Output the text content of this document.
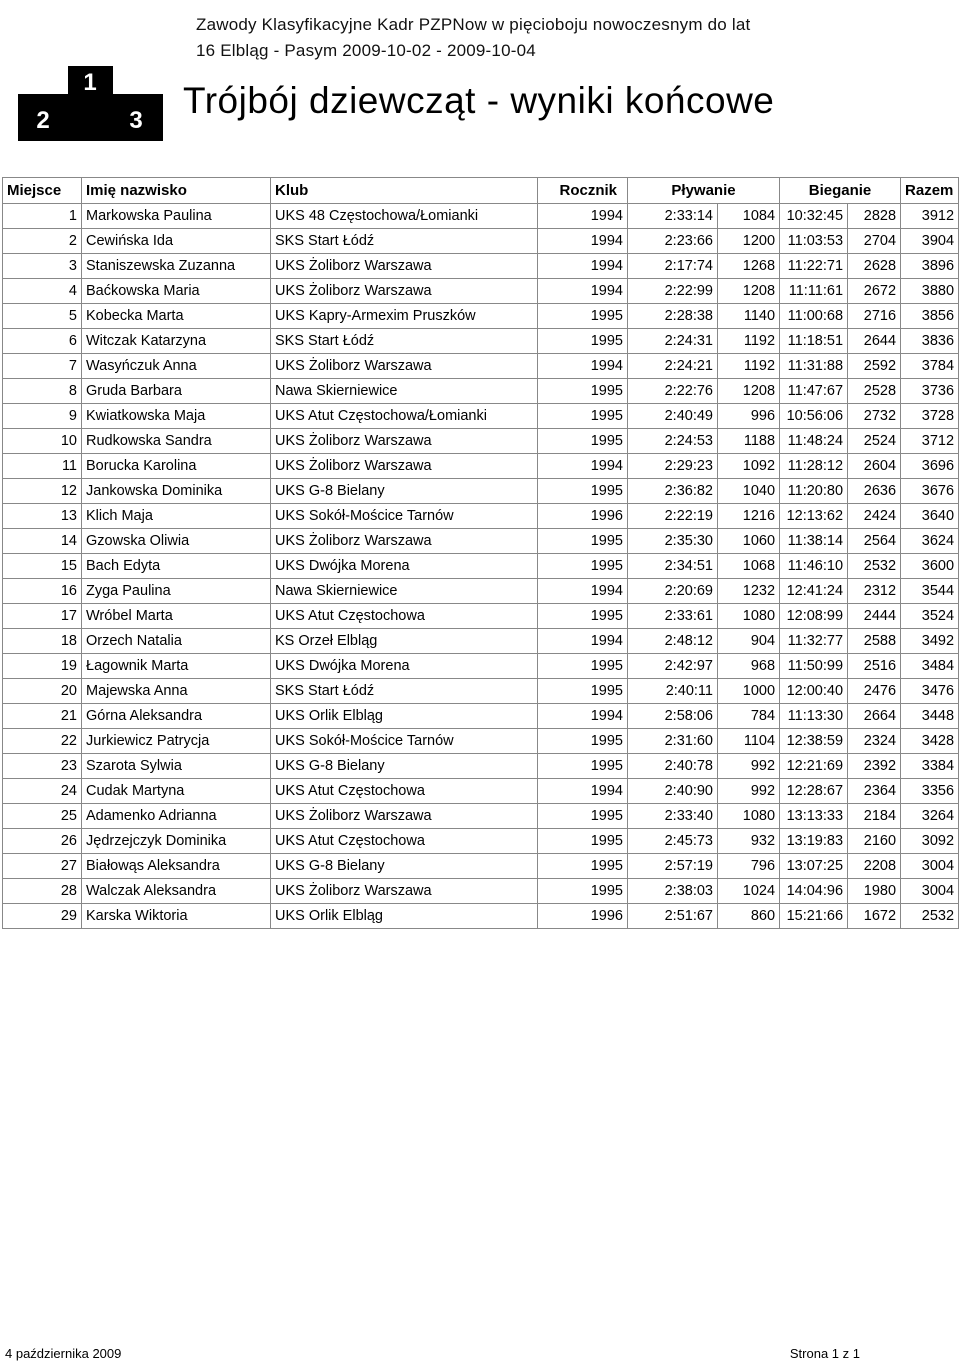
1
2	3
Zawody Klasyfikacyjne Kadr PZPNow w pięcioboju nowoczesnym do lat
16 Elbląg - Pasym 2009-10-02 - 2009-10-04
Trójbój dziewcząt - wyniki końcowe
Miejsce	Imię nazwisko	Klub	Rocznik	Pływanie		Bieganie		Razem
1	Markowska Paulina	UKS 48 Częstochowa/Łomianki	1994	2:33:14	1084	10:32:45	2828	3912
2	Cewińska Ida	SKS Start Łódź	1994	2:23:66	1200	11:03:53	2704	3904
3	Staniszewska Zuzanna	UKS Żoliborz Warszawa	1994	2:17:74	1268	11:22:71	2628	3896
4	Baćkowska Maria	UKS Żoliborz Warszawa	1994	2:22:99	1208	11:11:61	2672	3880
5	Kobecka Marta	UKS Kapry-Armexim Pruszków	1995	2:28:38	1140	11:00:68	2716	3856
6	Witczak Katarzyna	SKS Start Łódź	1995	2:24:31	1192	11:18:51	2644	3836
7	Wasyńczuk Anna	UKS Żoliborz Warszawa	1994	2:24:21	1192	11:31:88	2592	3784
8	Gruda Barbara	Nawa Skierniewice	1995	2:22:76	1208	11:47:67	2528	3736
9	Kwiatkowska Maja	UKS Atut Częstochowa/Łomianki	1995	2:40:49	996	10:56:06	2732	3728
10	Rudkowska Sandra	UKS Żoliborz Warszawa	1995	2:24:53	1188	11:48:24	2524	3712
11	Borucka Karolina	UKS Żoliborz Warszawa	1994	2:29:23	1092	11:28:12	2604	3696
12	Jankowska Dominika	UKS G-8 Bielany	1995	2:36:82	1040	11:20:80	2636	3676
13	Klich Maja	UKS Sokół-Mościce Tarnów	1996	2:22:19	1216	12:13:62	2424	3640
14	Gzowska Oliwia	UKS Żoliborz Warszawa	1995	2:35:30	1060	11:38:14	2564	3624
15	Bach Edyta	UKS Dwójka Morena	1995	2:34:51	1068	11:46:10	2532	3600
16	Zyga Paulina	Nawa Skierniewice	1994	2:20:69	1232	12:41:24	2312	3544
17	Wróbel Marta	UKS Atut Częstochowa	1995	2:33:61	1080	12:08:99	2444	3524
18	Orzech Natalia	KS Orzeł Elbląg	1994	2:48:12	904	11:32:77	2588	3492
19	Łagownik Marta	UKS Dwójka Morena	1995	2:42:97	968	11:50:99	2516	3484
20	Majewska Anna	SKS Start Łódź	1995	2:40:11	1000	12:00:40	2476	3476
21	Górna Aleksandra	UKS Orlik Elbląg	1994	2:58:06	784	11:13:30	2664	3448
22	Jurkiewicz Patrycja	UKS Sokół-Mościce Tarnów	1995	2:31:60	1104	12:38:59	2324	3428
23	Szarota Sylwia	UKS G-8 Bielany	1995	2:40:78	992	12:21:69	2392	3384
24	Cudak Martyna	UKS Atut Częstochowa	1994	2:40:90	992	12:28:67	2364	3356
25	Adamenko Adrianna	UKS Żoliborz Warszawa	1995	2:33:40	1080	13:13:33	2184	3264
26	Jędrzejczyk Dominika	UKS Atut Częstochowa	1995	2:45:73	932	13:19:83	2160	3092
27	Białowąs Aleksandra	UKS G-8 Bielany	1995	2:57:19	796	13:07:25	2208	3004
28	Walczak Aleksandra	UKS Żoliborz Warszawa	1995	2:38:03	1024	14:04:96	1980	3004
29	Karska Wiktoria	UKS Orlik Elbląg	1996	2:51:67	860	15:21:66	1672	2532
4 października 2009	Strona 1 z 1
